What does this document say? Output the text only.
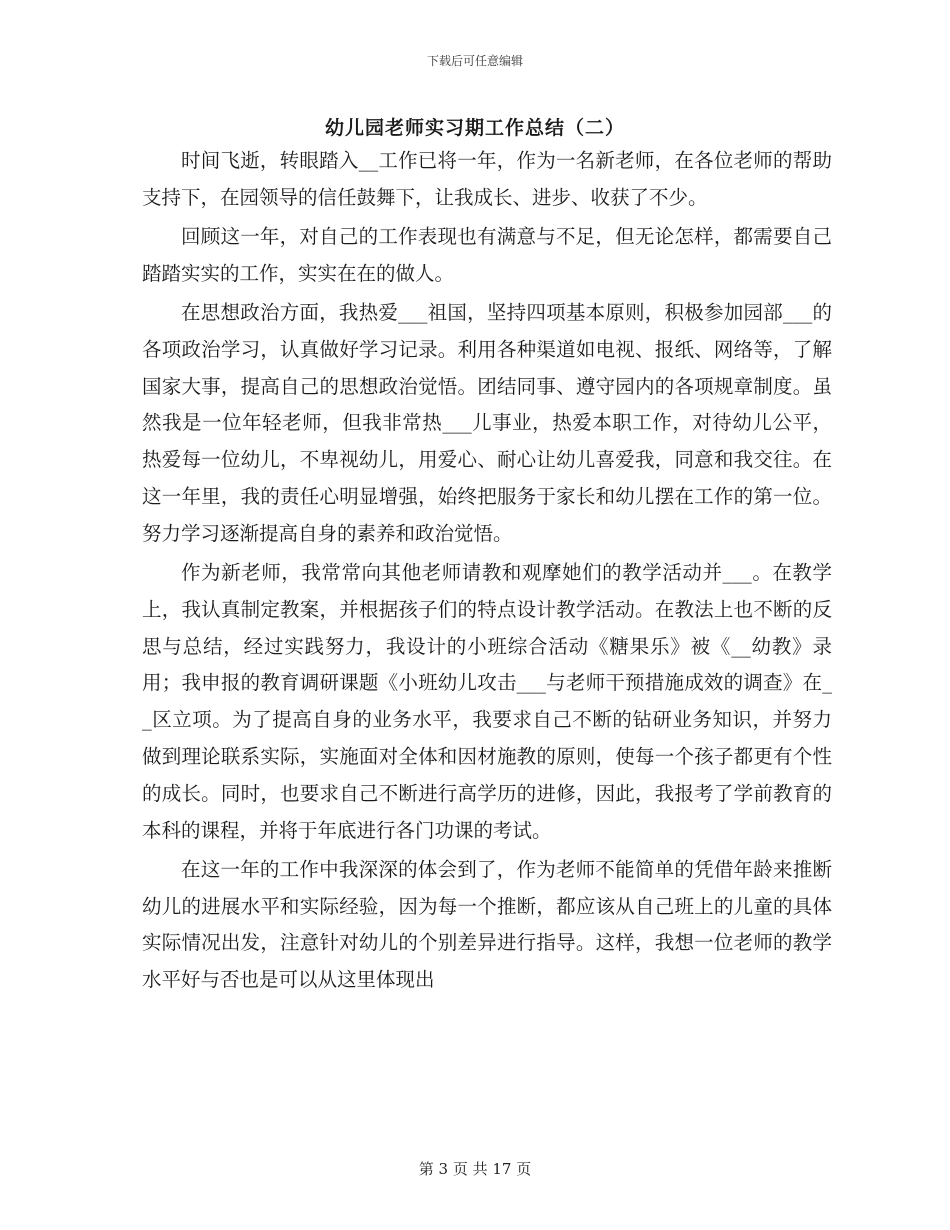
下载后可任意编辑
幼儿园老师实习期工作总结（二）

时间飞逝，转眼踏入__工作已将一年，作为一名新老师，在各位老师的帮助支持下，在园领导的信任鼓舞下，让我成长、进步、收获了不少。

回顾这一年，对自己的工作表现也有满意与不足，但无论怎样，都需要自己踏踏实实的工作，实实在在的做人。

在思想政治方面，我热爱___祖国，坚持四项基本原则，积极参加园部___的各项政治学习，认真做好学习记录。利用各种渠道如电视、报纸、网络等，了解国家大事，提高自己的思想政治觉悟。团结同事、遵守园内的各项规章制度。虽然我是一位年轻老师，但我非常热___儿事业，热爱本职工作，对待幼儿公平，热爱每一位幼儿，不卑视幼儿，用爱心、耐心让幼儿喜爱我，同意和我交往。在这一年里，我的责任心明显增强，始终把服务于家长和幼儿摆在工作的第一位。努力学习逐渐提高自身的素养和政治觉悟。

作为新老师，我常常向其他老师请教和观摩她们的教学活动并___。在教学上，我认真制定教案，并根据孩子们的特点设计教学活动。在教法上也不断的反思与总结，经过实践努力，我设计的小班综合活动《糖果乐》被《__幼教》录用；我申报的教育调研课题《小班幼儿攻击___与老师干预措施成效的调查》在__区立项。为了提高自身的业务水平，我要求自己不断的钻研业务知识，并努力做到理论联系实际，实施面对全体和因材施教的原则，使每一个孩子都更有个性的成长。同时，也要求自己不断进行高学历的进修，因此，我报考了学前教育的本科的课程，并将于年底进行各门功课的考试。

在这一年的工作中我深深的体会到了，作为老师不能简单的凭借年龄来推断幼儿的进展水平和实际经验，因为每一个推断，都应该从自己班上的儿童的具体实际情况出发，注意针对幼儿的个别差异进行指导。这样，我想一位老师的教学水平好与否也是可以从这里体现出

第 3 页 共 17 页
